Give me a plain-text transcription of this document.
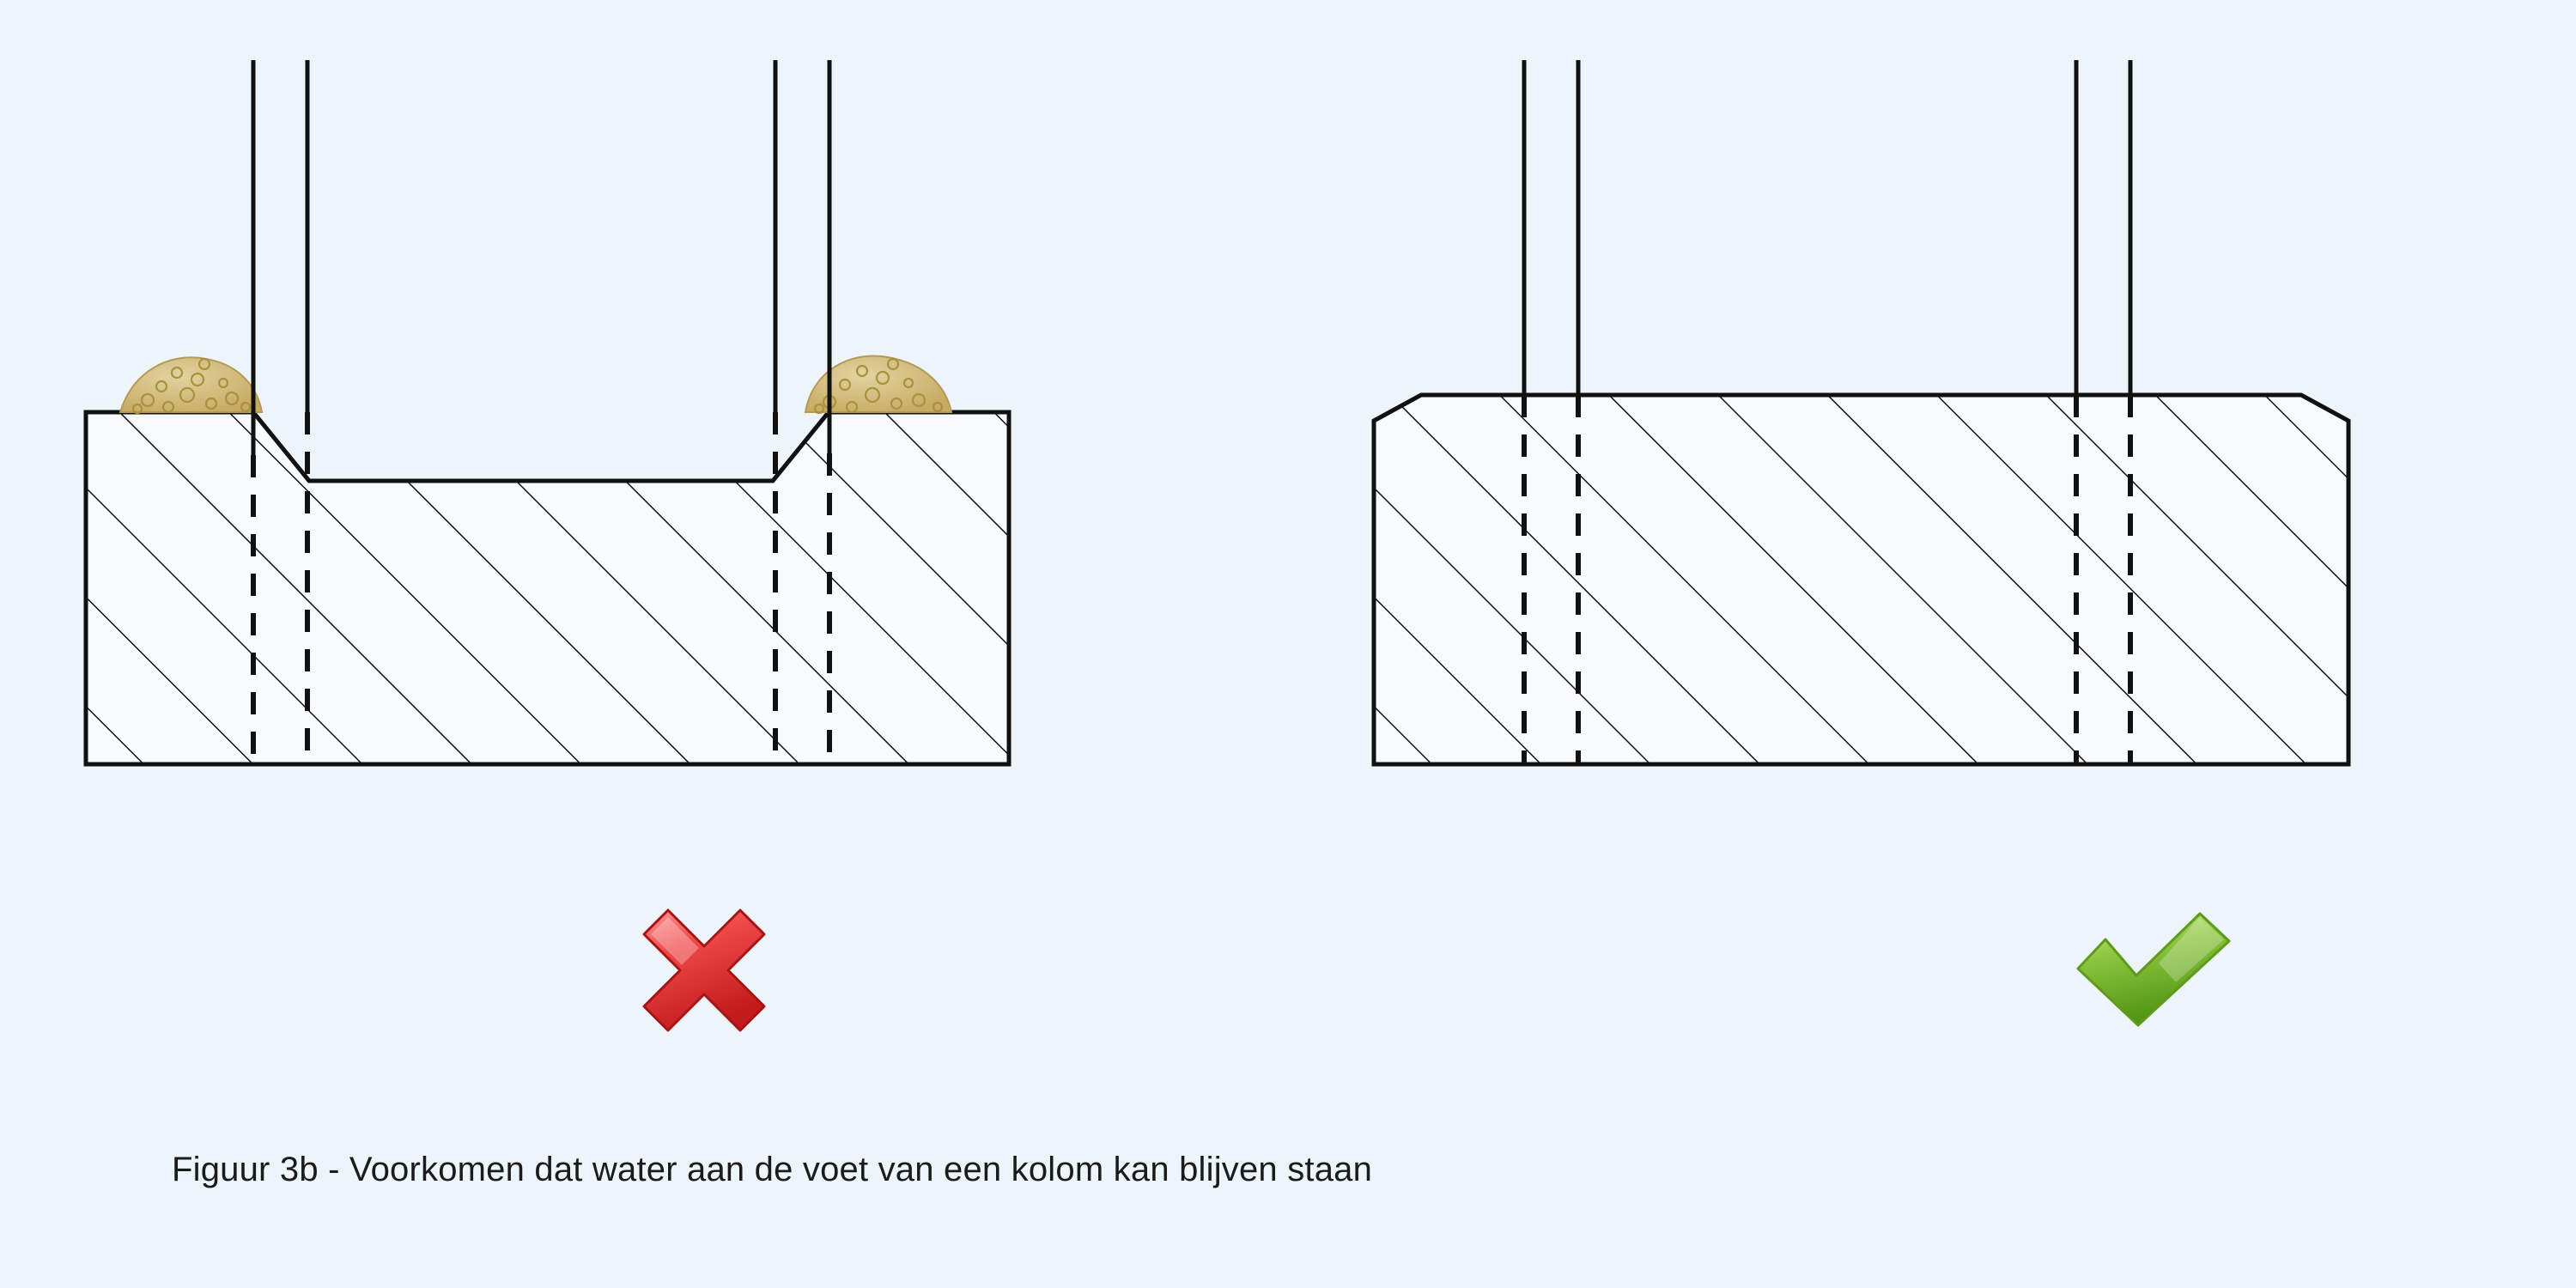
Figuur 3b - Voorkomen dat water aan de voet van een kolom kan blijven staan
